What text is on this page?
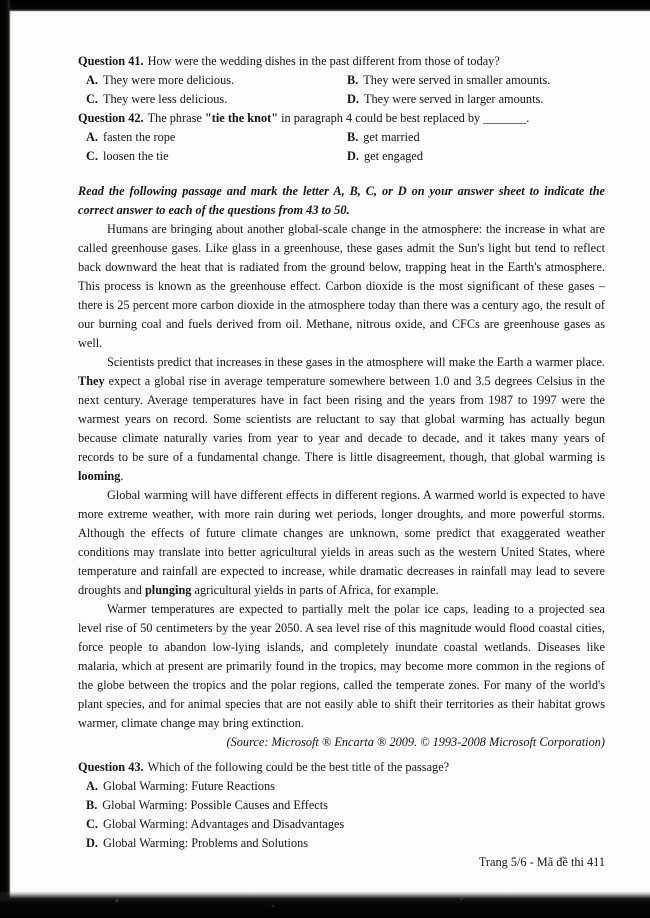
Question 41. How were the wedding dishes in the past different from those of today?

A. They were more delicious.	B. They were served in smaller amounts.
C. They were less delicious.	D. They were served in larger amounts.

Question 42. The phrase "tie the knot" in paragraph 4 could be best replaced by _______.

A. fasten the rope	B. get married
C. loosen the tie	D. get engaged

Read the following passage and mark the letter A, B, C, or D on your answer sheet to indicate the correct answer to each of the questions from 43 to 50.

Humans are bringing about another global-scale change in the atmosphere: the increase in what are called greenhouse gases. Like glass in a greenhouse, these gases admit the Sun's light but tend to reflect back downward the heat that is radiated from the ground below, trapping heat in the Earth's atmosphere. This process is known as the greenhouse effect. Carbon dioxide is the most significant of these gases – there is 25 percent more carbon dioxide in the atmosphere today than there was a century ago, the result of our burning coal and fuels derived from oil. Methane, nitrous oxide, and CFCs are greenhouse gases as well.

Scientists predict that increases in these gases in the atmosphere will make the Earth a warmer place. They expect a global rise in average temperature somewhere between 1.0 and 3.5 degrees Celsius in the next century. Average temperatures have in fact been rising and the years from 1987 to 1997 were the warmest years on record. Some scientists are reluctant to say that global warming has actually begun because climate naturally varies from year to year and decade to decade, and it takes many years of records to be sure of a fundamental change. There is little disagreement, though, that global warming is looming.

Global warming will have different effects in different regions. A warmed world is expected to have more extreme weather, with more rain during wet periods, longer droughts, and more powerful storms. Although the effects of future climate changes are unknown, some predict that exaggerated weather conditions may translate into better agricultural yields in areas such as the western United States, where temperature and rainfall are expected to increase, while dramatic decreases in rainfall may lead to severe droughts and plunging agricultural yields in parts of Africa, for example.

Warmer temperatures are expected to partially melt the polar ice caps, leading to a projected sea level rise of 50 centimeters by the year 2050. A sea level rise of this magnitude would flood coastal cities, force people to abandon low-lying islands, and completely inundate coastal wetlands. Diseases like malaria, which at present are primarily found in the tropics, may become more common in the regions of the globe between the tropics and the polar regions, called the temperate zones. For many of the world's plant species, and for animal species that are not easily able to shift their territories as their habitat grows warmer, climate change may bring extinction.

(Source: Microsoft ® Encarta ® 2009. © 1993-2008 Microsoft Corporation)

Question 43. Which of the following could be the best title of the passage?

A. Global Warming: Future Reactions
B. Global Warming: Possible Causes and Effects
C. Global Warming: Advantages and Disadvantages
D. Global Warming: Problems and Solutions

Trang 5/6 - Mã đề thi 411
